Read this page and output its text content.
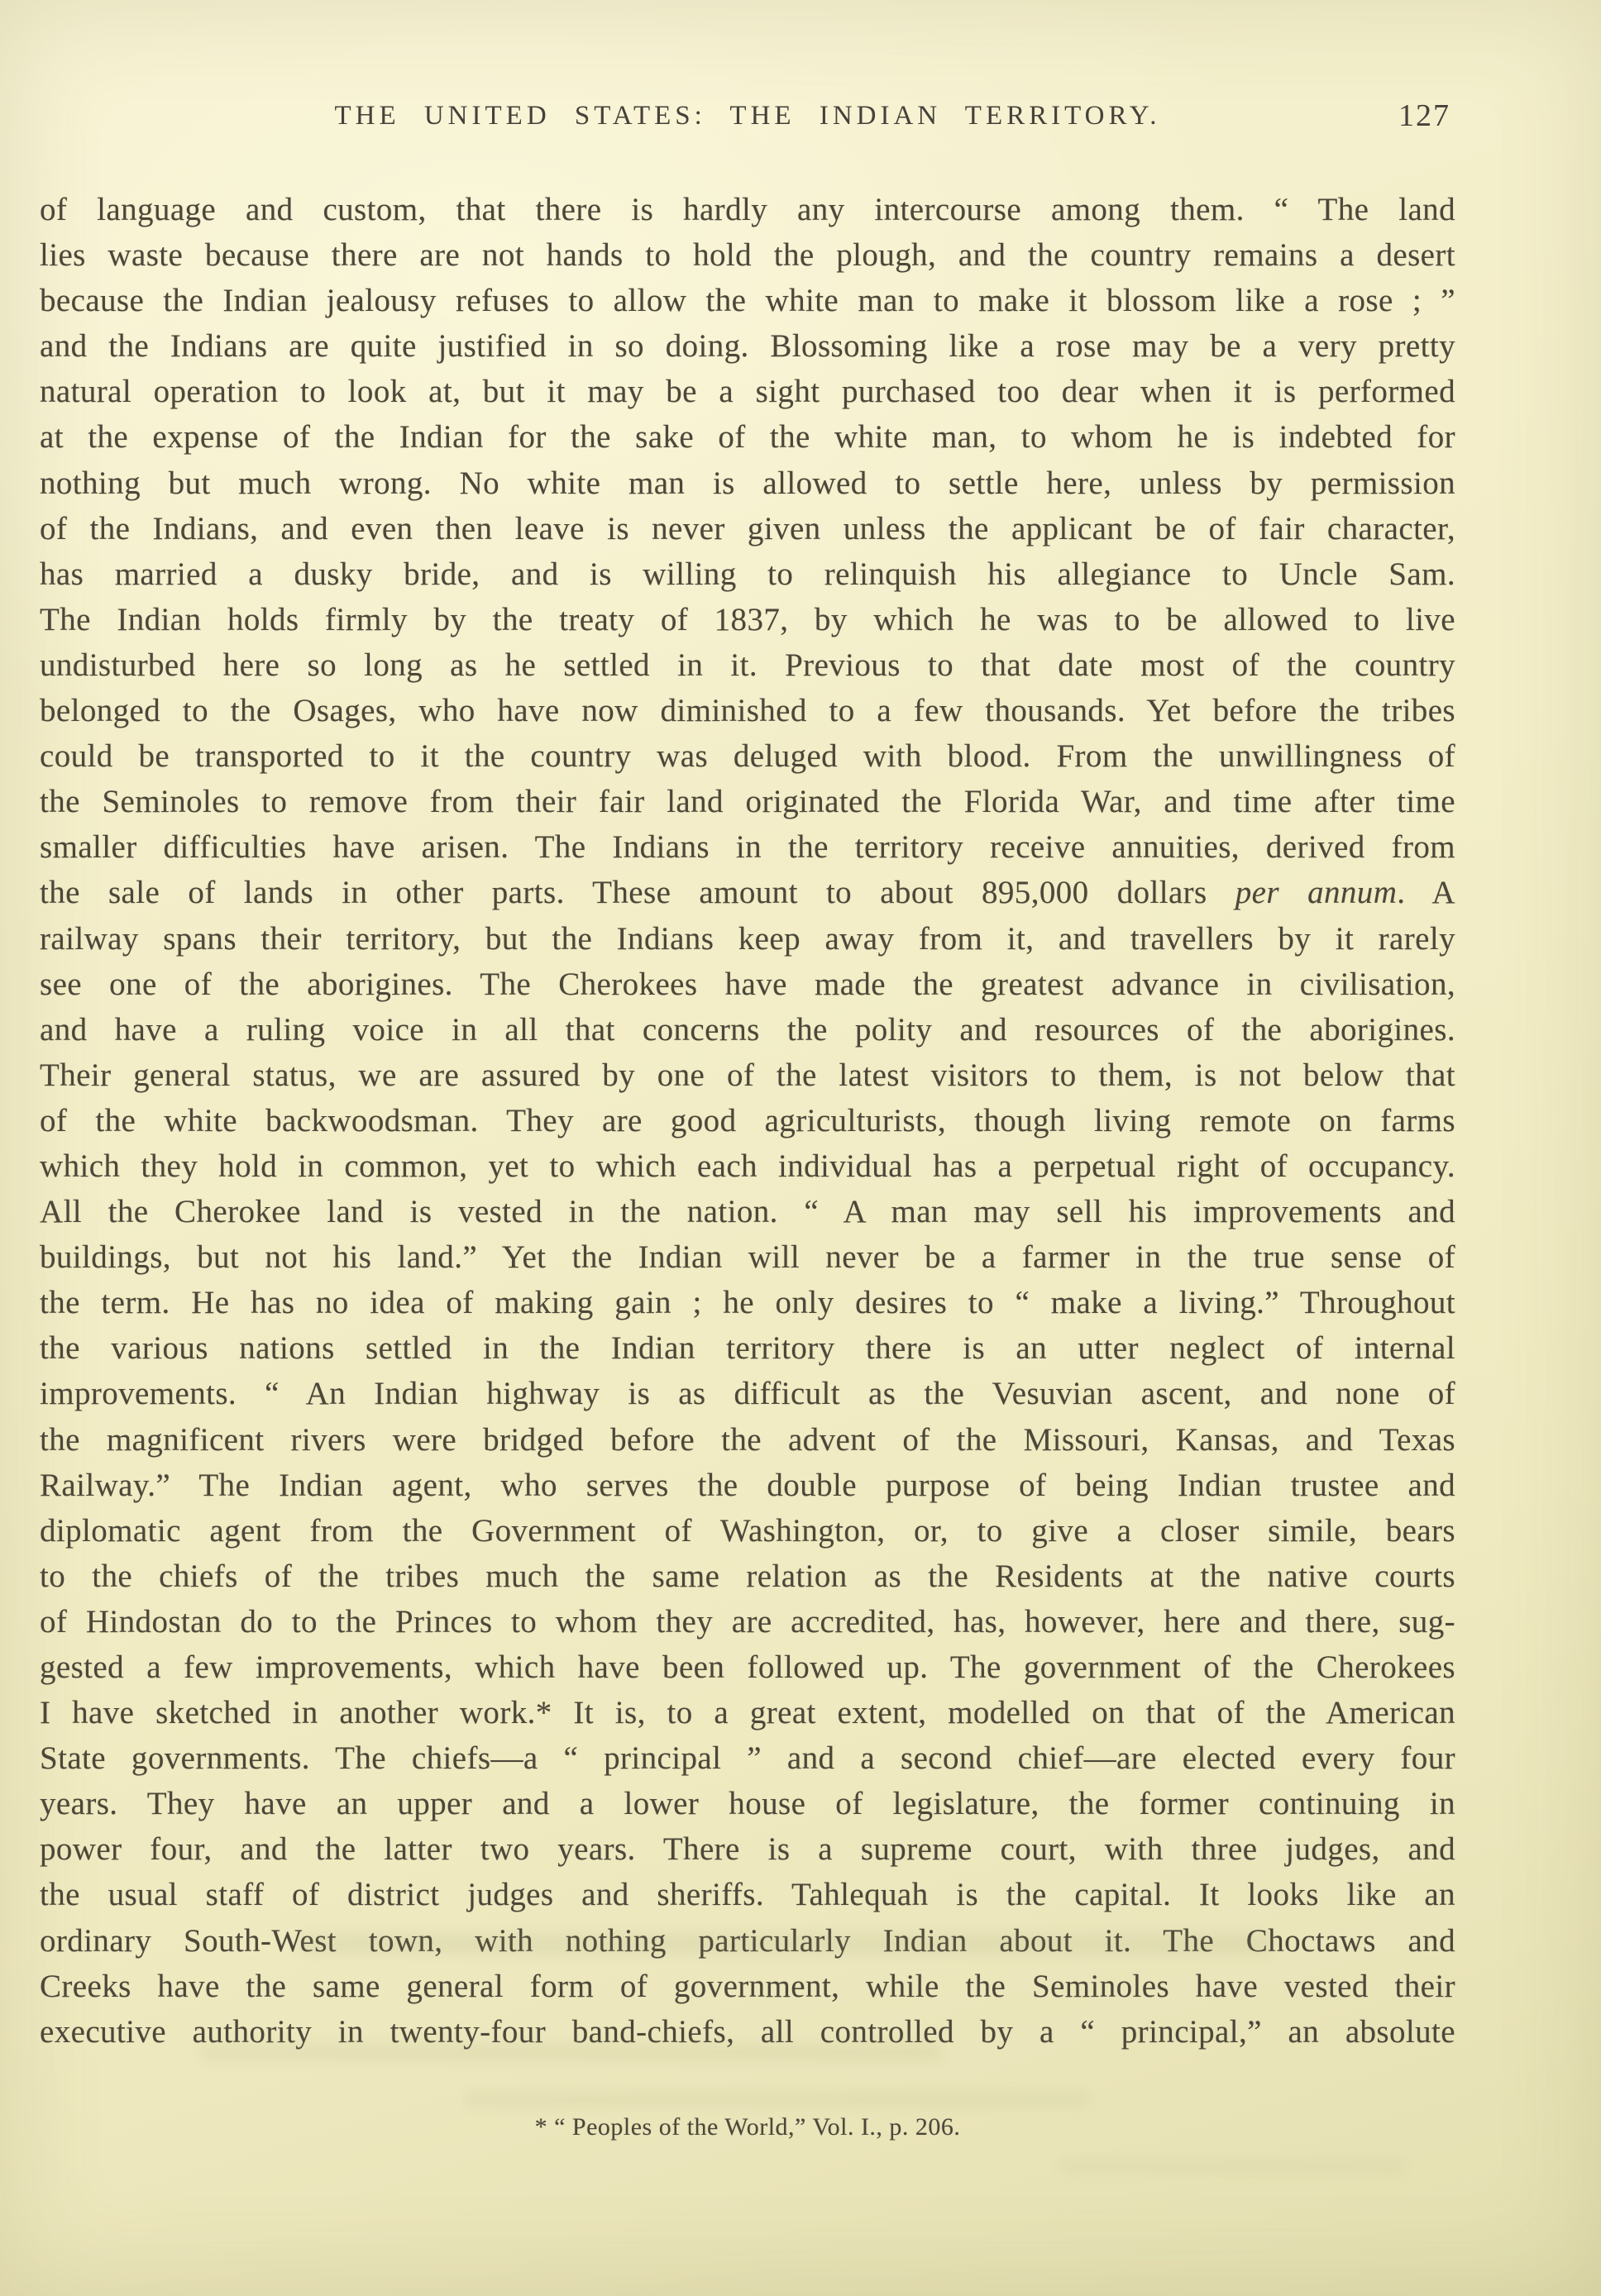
THE UNITED STATES: THE INDIAN TERRITORY.	127
of language and custom, that there is hardly any intercourse among them. “ The land
lies waste because there are not hands to hold the plough, and the country remains a desert
because the Indian jealousy refuses to allow the white man to make it blossom like a rose ; ”
and the Indians are quite justified in so doing. Blossoming like a rose may be a very pretty
natural operation to look at, but it may be a sight purchased too dear when it is performed
at the expense of the Indian for the sake of the white man, to whom he is indebted for
nothing but much wrong. No white man is allowed to settle here, unless by permission
of the Indians, and even then leave is never given unless the applicant be of fair character,
has married a dusky bride, and is willing to relinquish his allegiance to Uncle Sam.
The Indian holds firmly by the treaty of 1837, by which he was to be allowed to live
undisturbed here so long as he settled in it. Previous to that date most of the country
belonged to the Osages, who have now diminished to a few thousands. Yet before the tribes
could be transported to it the country was deluged with blood. From the unwillingness of
the Seminoles to remove from their fair land originated the Florida War, and time after time
smaller difficulties have arisen. The Indians in the territory receive annuities, derived from
the sale of lands in other parts. These amount to about 895,000 dollars per annum. A
railway spans their territory, but the Indians keep away from it, and travellers by it rarely
see one of the aborigines. The Cherokees have made the greatest advance in civilisation,
and have a ruling voice in all that concerns the polity and resources of the aborigines.
Their general status, we are assured by one of the latest visitors to them, is not below that
of the white backwoodsman. They are good agriculturists, though living remote on farms
which they hold in common, yet to which each individual has a perpetual right of occupancy.
All the Cherokee land is vested in the nation. “ A man may sell his improvements and
buildings, but not his land.” Yet the Indian will never be a farmer in the true sense of
the term. He has no idea of making gain ; he only desires to “ make a living.” Throughout
the various nations settled in the Indian territory there is an utter neglect of internal
improvements. “ An Indian highway is as difficult as the Vesuvian ascent, and none of
the magnificent rivers were bridged before the advent of the Missouri, Kansas, and Texas
Railway.” The Indian agent, who serves the double purpose of being Indian trustee and
diplomatic agent from the Government of Washington, or, to give a closer simile, bears
to the chiefs of the tribes much the same relation as the Residents at the native courts
of Hindostan do to the Princes to whom they are accredited, has, however, here and there, sug-
gested a few improvements, which have been followed up. The government of the Cherokees
I have sketched in another work.* It is, to a great extent, modelled on that of the American
State governments. The chiefs—a “ principal ” and a second chief—are elected every four
years. They have an upper and a lower house of legislature, the former continuing in
power four, and the latter two years. There is a supreme court, with three judges, and
the usual staff of district judges and sheriffs. Tahlequah is the capital. It looks like an
ordinary South-West town, with nothing particularly Indian about it. The Choctaws and
Creeks have the same general form of government, while the Seminoles have vested their
executive authority in twenty-four band-chiefs, all controlled by a “ principal,” an absolute
* “ Peoples of the World,” Vol. I., p. 206.
